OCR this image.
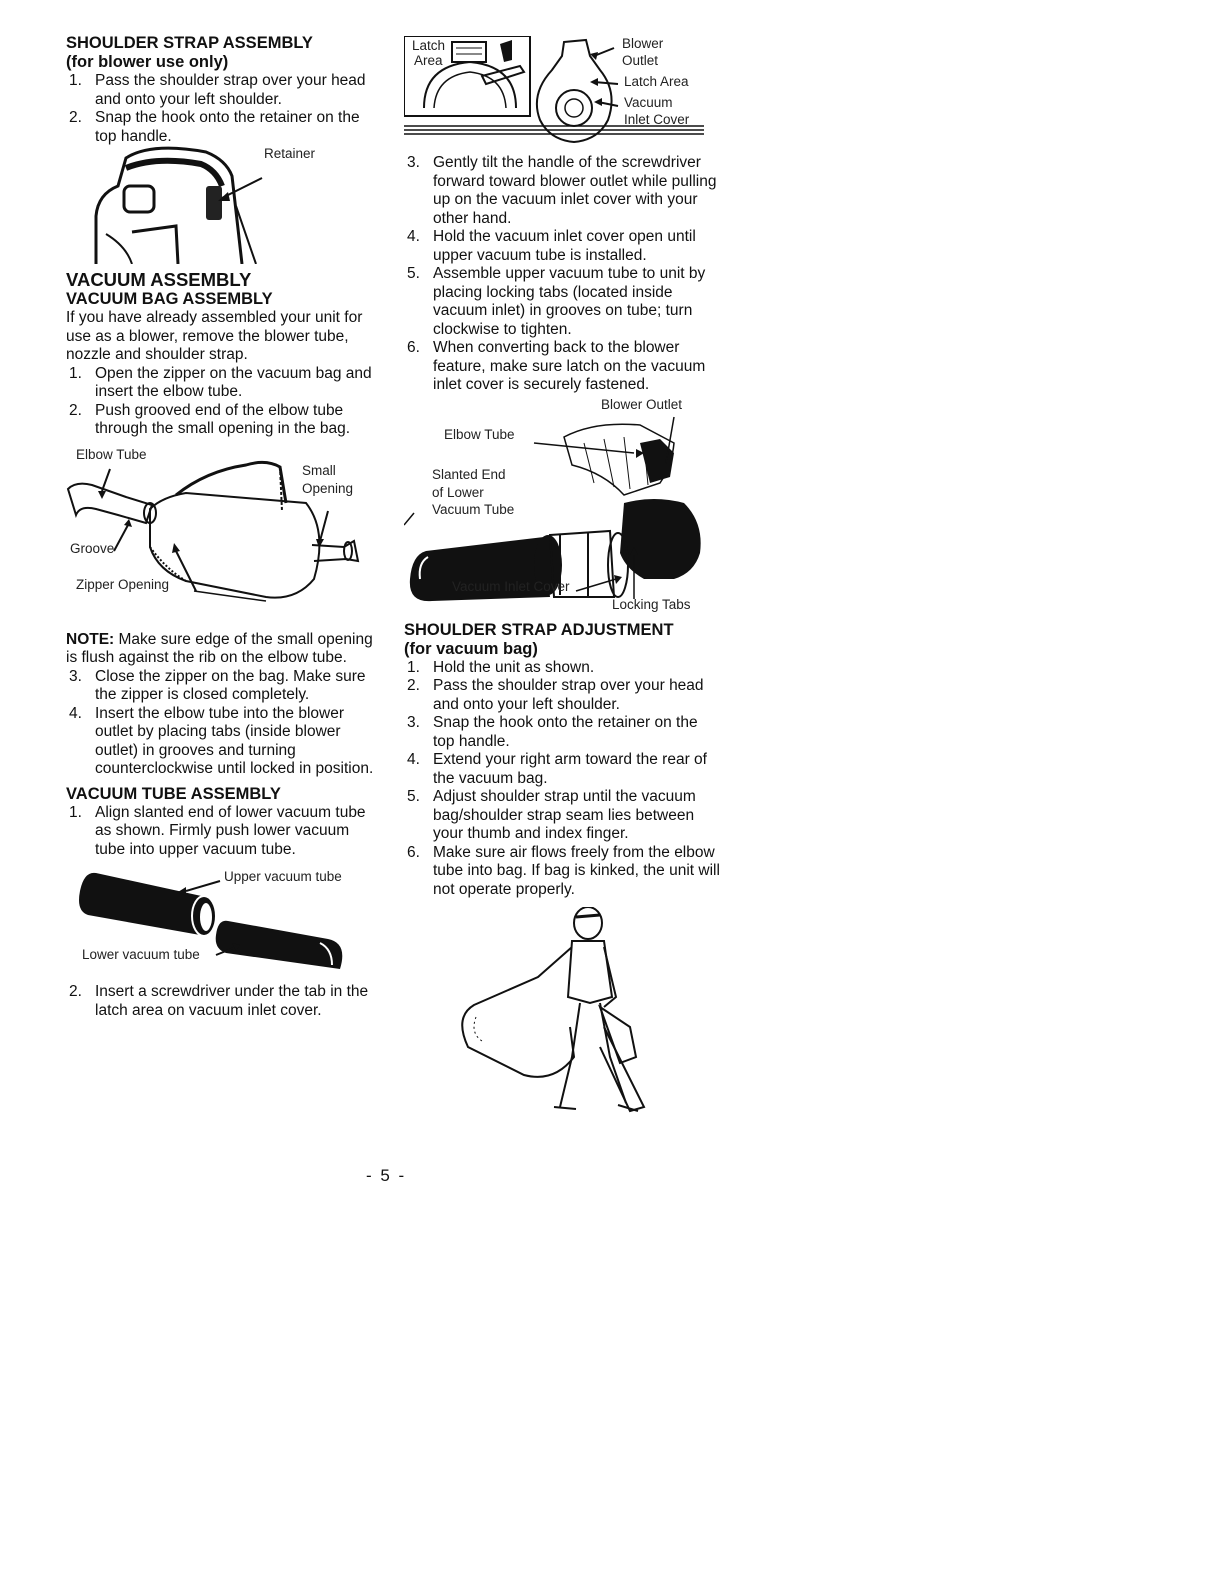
SHOULDER STRAP ASSEMBLY
(for blower use only)
1. Pass the shoulder strap over your head and onto your left shoulder.
2. Snap the hook onto the retainer on the top handle.
Retainer
VACUUM ASSEMBLY
VACUUM BAG ASSEMBLY

If you have already assembled your unit for use as a blower, remove the blower tube, nozzle and shoulder strap.

1. Open the zipper on the vacuum bag and insert the elbow tube.
2. Push grooved end of the elbow tube through the small opening in the bag.
Elbow Tube
Small
Opening
Groove
Zipper Opening

NOTE: Make sure edge of the small opening is flush against the rib on the elbow tube.

3. Close the zipper on the bag. Make sure the zipper is closed completely.
4. Insert the elbow tube into the blower outlet by placing tabs (inside blower outlet) in grooves and turning counterclockwise until locked in position.
VACUUM TUBE ASSEMBLY
1. Align slanted end of lower vacuum tube as shown. Firmly push lower vacuum tube into upper vacuum tube.
Upper vacuum tube
Lower vacuum tube
2. Insert a screwdriver under the tab in the latch area on vacuum inlet cover.
Latch
Area
Blower
Outlet
Latch Area
Vacuum
Inlet Cover
3. Gently tilt the handle of the screwdriver forward toward blower outlet while pulling up on the vacuum inlet cover with your other hand.
4. Hold the vacuum inlet cover open until upper vacuum tube is installed.
5. Assemble upper vacuum tube to unit by placing locking tabs (located inside vacuum inlet) in grooves on tube; turn clockwise to tighten.
6. When converting back to the blower feature, make sure latch on the vacuum inlet cover is securely fastened.
Blower Outlet
Elbow Tube
Slanted End
of Lower
Vacuum Tube
Vacuum Inlet Cover
Locking Tabs
SHOULDER STRAP ADJUSTMENT
(for vacuum bag)
1. Hold the unit as shown.
2. Pass the shoulder strap over your head and onto your left shoulder.
3. Snap the hook onto the retainer on the top handle.
4. Extend your right arm toward the rear of the vacuum bag.
5. Adjust shoulder strap until the vacuum bag/shoulder strap seam lies between your thumb and index finger.
6. Make sure air flows freely from the elbow tube into bag. If bag is kinked, the unit will not operate properly.
- 5 -
